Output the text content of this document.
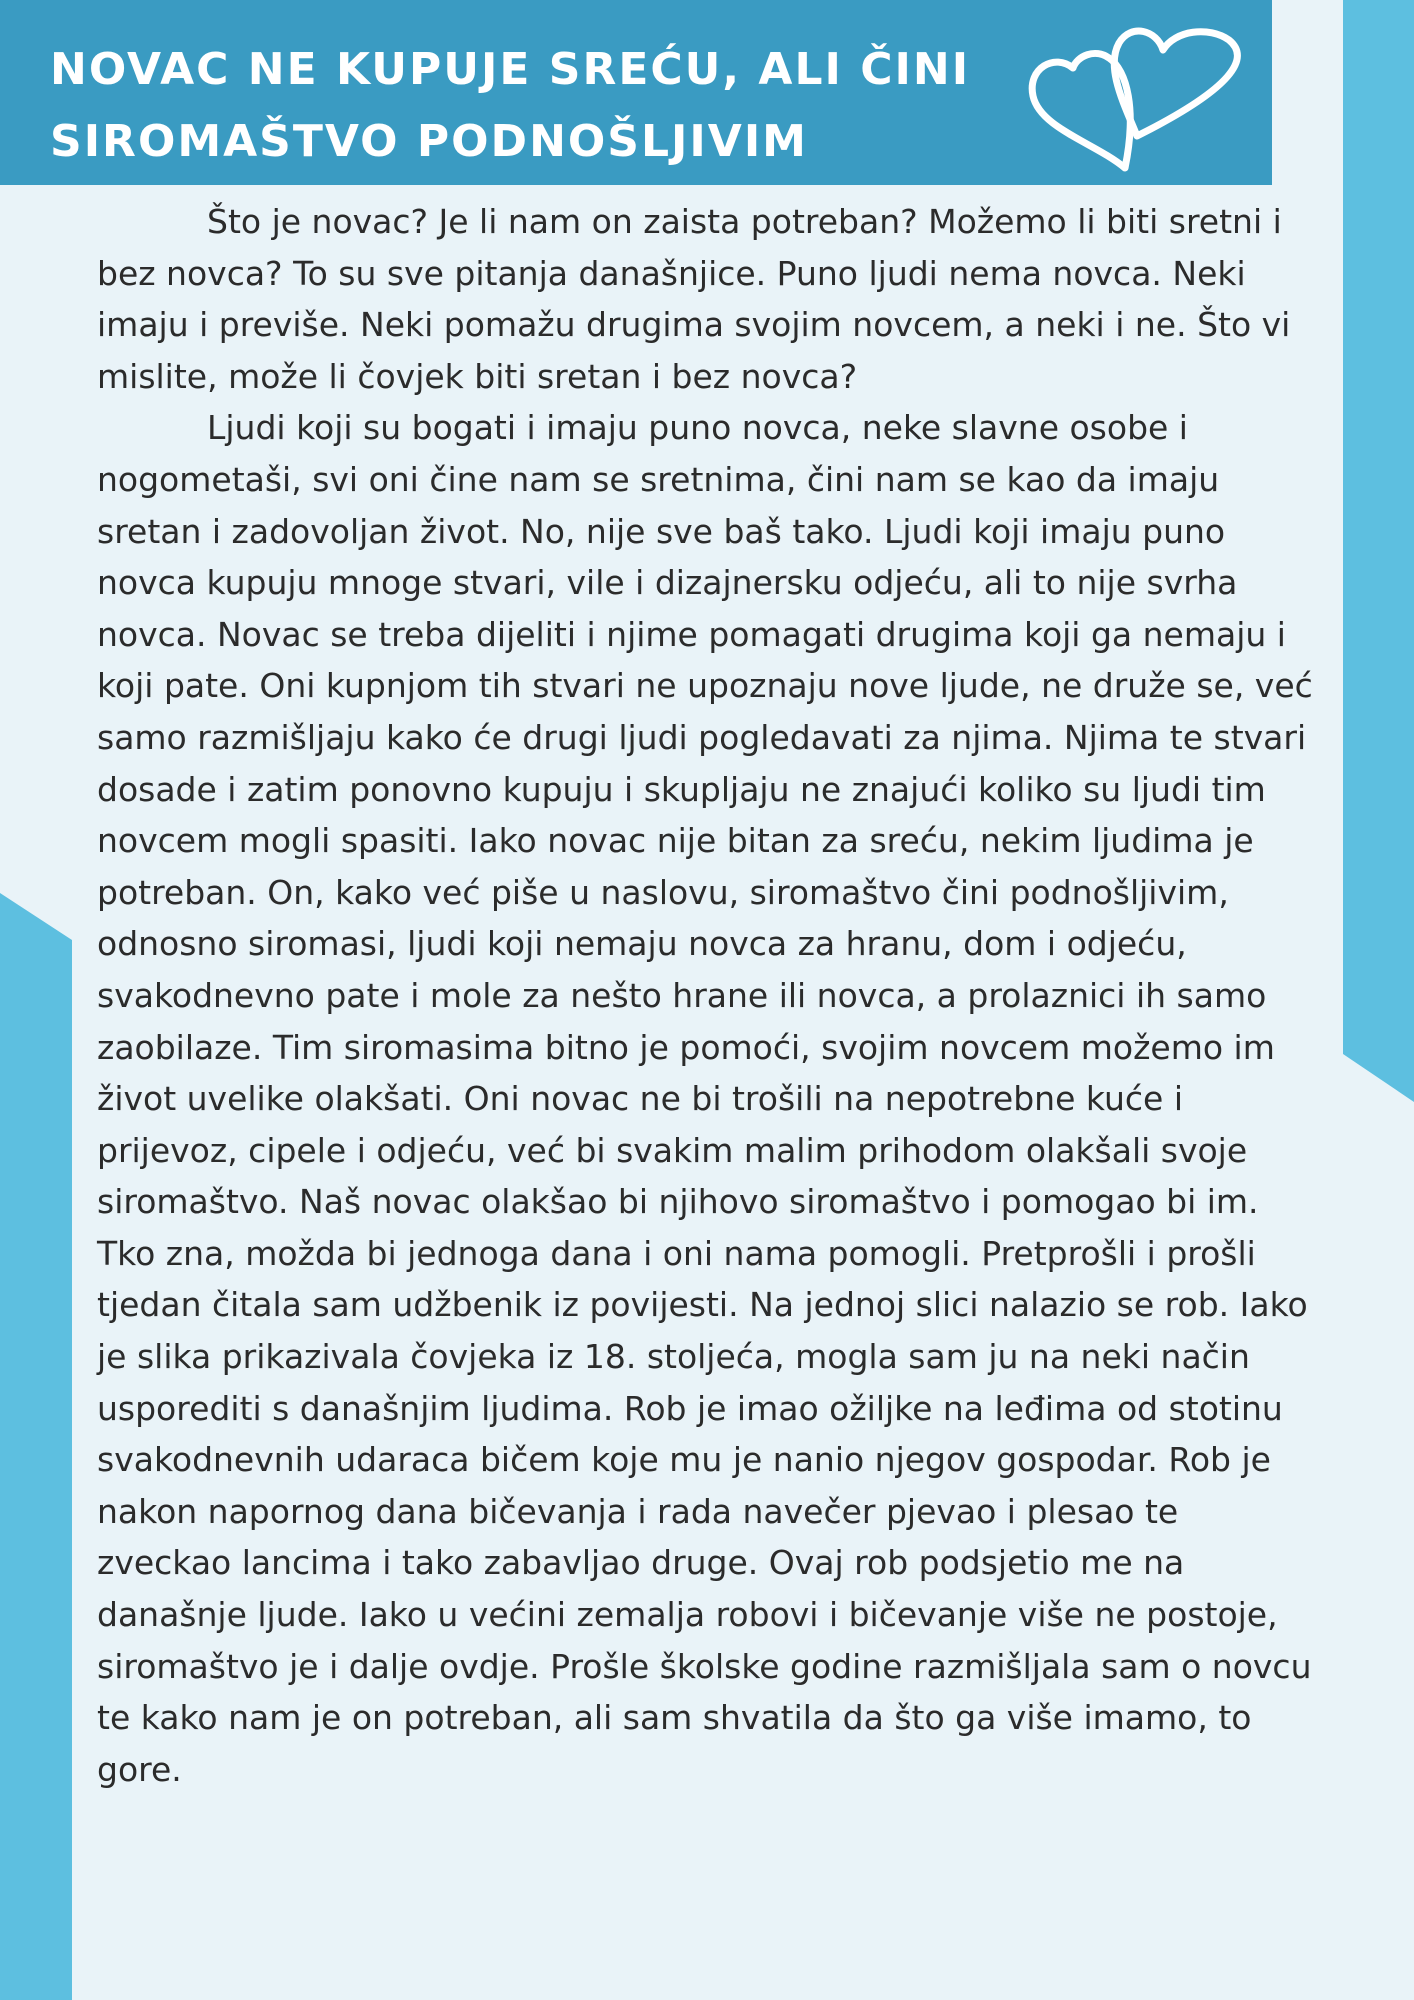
NOVAC NE KUPUJE SREĆU, ALI ČINI SIROMAŠTVO PODNOŠLJIVIM

Što je novac? Je li nam on zaista potreban? Možemo li biti sretni i bez novca? To su sve pitanja današnjice. Puno ljudi nema novca. Neki imaju i previše. Neki pomažu drugima svojim novcem, a neki i ne. Što vi mislite, može li čovjek biti sretan i bez novca?

Ljudi koji su bogati i imaju puno novca, neke slavne osobe i nogometaši, svi oni čine nam se sretnima, čini nam se kao da imaju sretan i zadovoljan život. No, nije sve baš tako. Ljudi koji imaju puno novca kupuju mnoge stvari, vile i dizajnersku odjeću, ali to nije svrha novca. Novac se treba dijeliti i njime pomagati drugima koji ga nemaju i koji pate. Oni kupnjom tih stvari ne upoznaju nove ljude, ne druže se, već samo razmišljaju kako će drugi ljudi pogledavati za njima. Njima te stvari dosade i zatim ponovno kupuju i skupljaju ne znajući koliko su ljudi tim novcem mogli spasiti. Iako novac nije bitan za sreću, nekim ljudima je potreban. On, kako već piše u naslovu, siromaštvo čini podnošljivim, odnosno siromasi, ljudi koji nemaju novca za hranu, dom i odjeću, svakodnevno pate i mole za nešto hrane ili novca, a prolaznici ih samo zaobilaze. Tim siromasima bitno je pomoći, svojim novcem možemo im život uvelike olakšati. Oni novac ne bi trošili na nepotrebne kuće i prijevoz, cipele i odjeću, već bi svakim malim prihodom olakšali svoje siromaštvo. Naš novac olakšao bi njihovo siromaštvo i pomogao bi im. Tko zna, možda bi jednoga dana i oni nama pomogli. Pretprošli i prošli tjedan čitala sam udžbenik iz povijesti. Na jednoj slici nalazio se rob. Iako je slika prikazivala čovjeka iz 18. stoljeća, mogla sam ju na neki način usporediti s današnjim ljudima. Rob je imao ožiljke na leđima od stotinu svakodnevnih udaraca bičem koje mu je nanio njegov gospodar. Rob je nakon napornog dana bičevanja i rada navečer pjevao i plesao te zveckao lancima i tako zabavljao druge. Ovaj rob podsjetio me na današnje ljude. Iako u većini zemalja robovi i bičevanje više ne postoje, siromaštvo je i dalje ovdje. Prošle školske godine razmišljala sam o novcu te kako nam je on potreban, ali sam shvatila da što ga više imamo, to gore.
